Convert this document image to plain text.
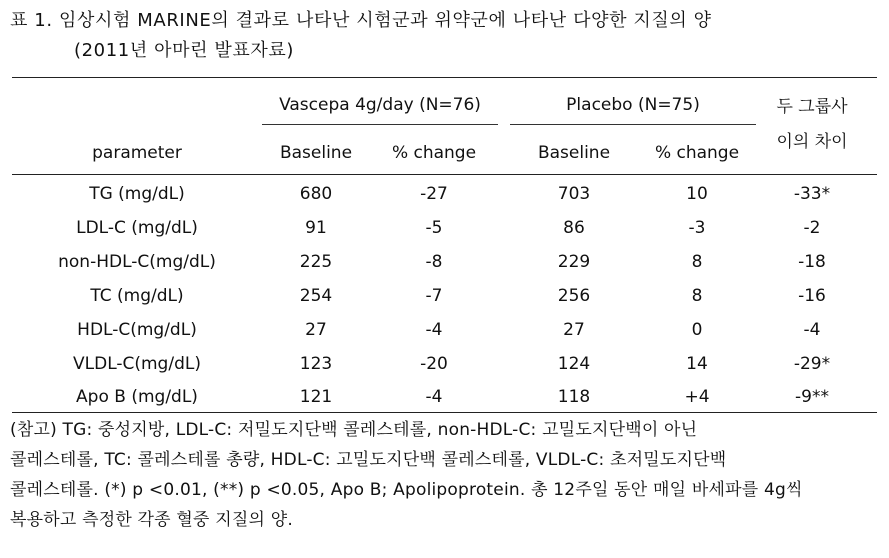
표 1. 임상시험 MARINE의 결과로 나타난 시험군과 위약군에 나타난 다양한 지질의 양
(2011년 아마린 발표자료)
Vascepa 4g/day (N=76)	Placebo (N=75)	두 그룹사
이의 차이
parameter	Baseline	% change	Baseline	% change
TG (mg/dL)	680	-27	703	10	-33*
LDL-C (mg/dL)	91	-5	86	-3	-2
non-HDL-C(mg/dL)	225	-8	229	8	-18
TC (mg/dL)	254	-7	256	8	-16
HDL-C(mg/dL)	27	-4	27	0	-4
VLDL-C(mg/dL)	123	-20	124	14	-29*
Apo B (mg/dL)	121	-4	118	+4	-9**
(참고) TG: 중성지방, LDL-C: 저밀도지단백 콜레스테롤, non-HDL-C: 고밀도지단백이 아닌
콜레스테롤, TC: 콜레스테롤 총량, HDL-C: 고밀도지단백 콜레스테롤, VLDL-C: 초저밀도지단백
콜레스테롤. (*) p <0.01, (**) p <0.05, Apo B; Apolipoprotein. 총 12주일 동안 매일 바세파를 4g씩
복용하고 측정한 각종 혈중 지질의 양.
